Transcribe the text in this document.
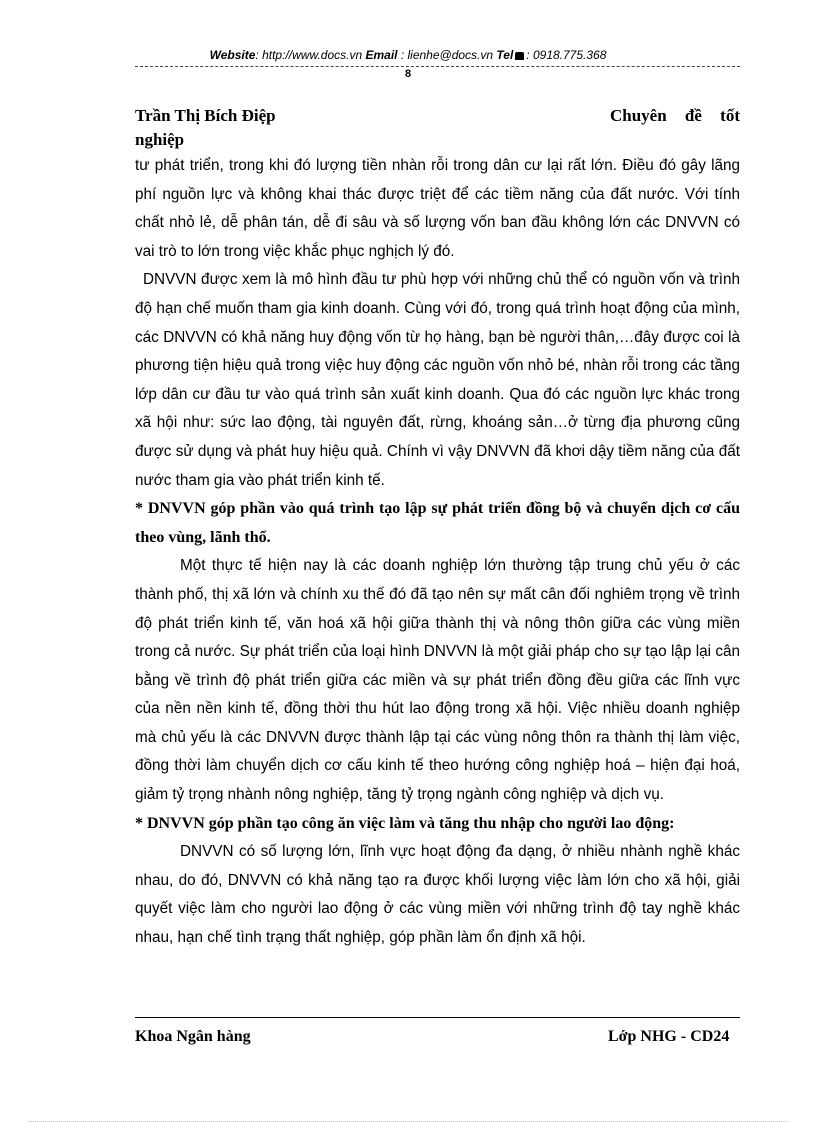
Website: http://www.docs.vn Email : lienhe@docs.vn Tel : 0918.775.368
8
Trần Thị Bích Điệp
nghiệp
Chuyên đề tốt

tư phát triển, trong khi đó lượng tiền nhàn rỗi trong dân cư lại rất lớn. Điều đó gây lãng phí nguồn lực và không khai thác được triệt để các tiềm năng của đất nước. Với tính chất nhỏ lẻ, dễ phân tán, dễ đi sâu và số lượng vốn ban đầu không lớn các DNVVN có vai trò to lớn trong việc khắc phục nghịch lý đó.

DNVVN được xem là mô hình đầu tư phù hợp với những chủ thể có nguồn vốn và trình độ hạn chế muốn tham gia kinh doanh. Cùng với đó, trong quá trình hoạt động của mình, các DNVVN có khả năng huy động vốn từ họ hàng, bạn bè người thân,…đây được coi là phương tiện hiệu quả trong việc huy động các nguồn vốn nhỏ bé, nhàn rỗi trong các tầng lớp dân cư đầu tư vào quá trình sản xuất kinh doanh. Qua đó các nguồn lực khác trong xã hội như: sức lao động, tài nguyên đất, rừng, khoáng sản…ở từng địa phương cũng được sử dụng và phát huy hiệu quả. Chính vì vậy DNVVN đã khơi dậy tiềm năng của đất nước tham gia vào phát triển kinh tế.

* DNVVN góp phần vào quá trình tạo lập sự phát triển đồng bộ và chuyển dịch cơ cấu theo vùng, lãnh thổ.

Một thực tế hiện nay là các doanh nghiệp lớn thường tập trung chủ yếu ở các thành phố, thị xã lớn và chính xu thế đó đã tạo nên sự mất cân đối nghiêm trọng về trình độ phát triển kinh tế, văn hoá xã hội giữa thành thị và nông thôn giữa các vùng miền trong cả nước. Sự phát triển của loại hình DNVVN là một giải pháp cho sự tạo lập lại cân bằng về trình độ phát triển giữa các miền và sự phát triển đồng đều giữa các lĩnh vực của nền nền kinh tế, đồng thời thu hút lao động trong xã hội. Việc nhiều doanh nghiệp mà chủ yếu là các DNVVN được thành lập tại các vùng nông thôn ra thành thị làm việc, đồng thời làm chuyển dịch cơ cấu kinh tế theo hướng công nghiệp hoá – hiện đại hoá, giảm tỷ trọng nhành nông nghiệp, tăng tỷ trọng ngành công nghiệp và dịch vụ.

* DNVVN góp phần tạo công ăn việc làm và tăng thu nhập cho người lao động:

DNVVN có số lượng lớn, lĩnh vực hoạt động đa dạng, ở nhiều nhành nghề khác nhau, do đó, DNVVN có khả năng tạo ra được khối lượng việc làm lớn cho xã hội, giải quyết việc làm cho người lao động ở các vùng miền với những trình độ tay nghề khác nhau, hạn chế tình trạng thất nghiệp, góp phần làm ổn định xã hội.

Khoa Ngân hàng	Lớp NHG - CD24
